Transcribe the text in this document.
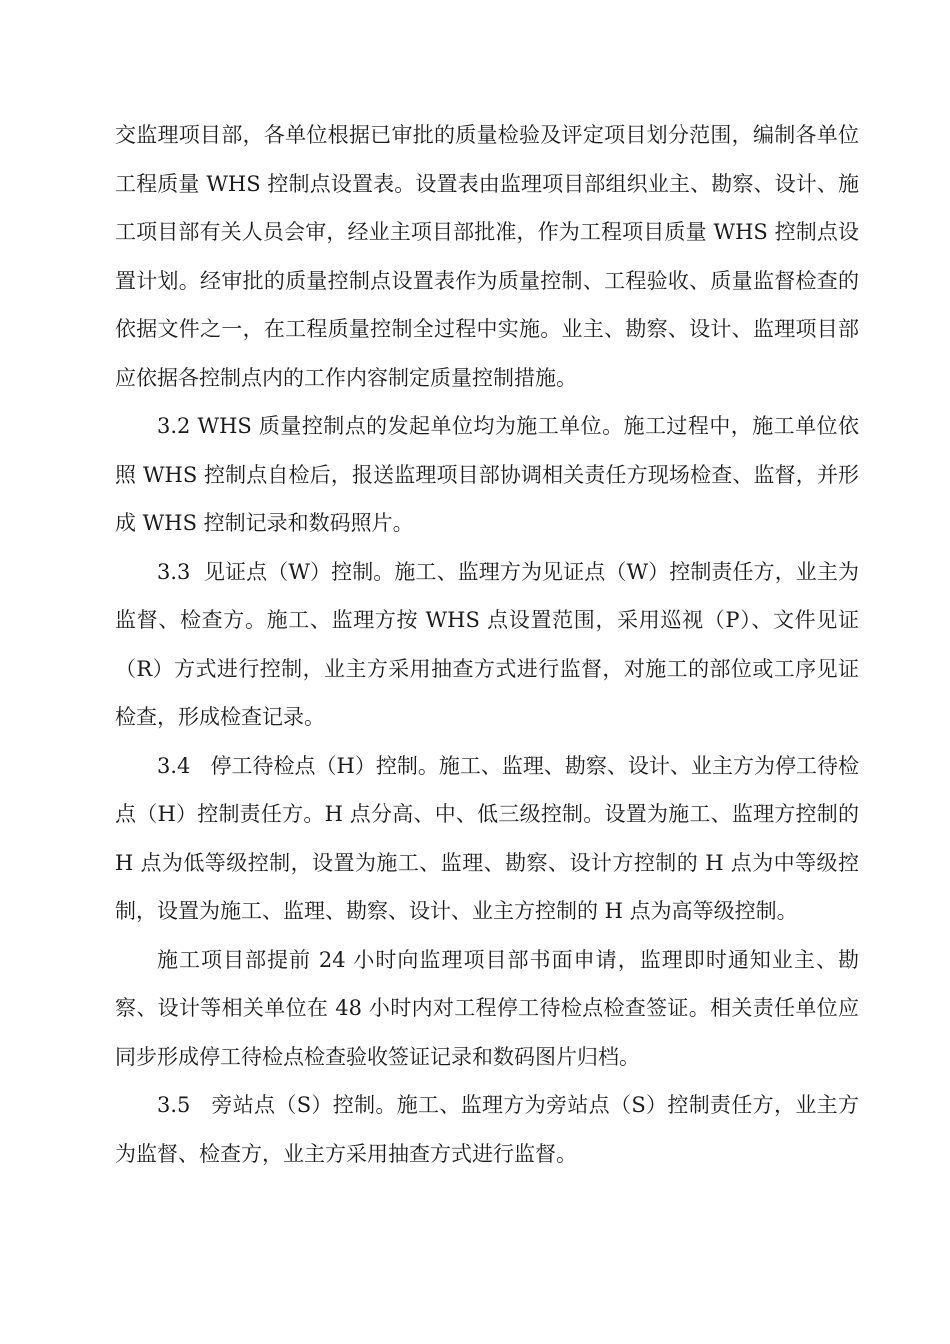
交监理项目部，各单位根据已审批的质量检验及评定项目划分范围，编制各单位工程质量 WHS 控制点设置表。设置表由监理项目部组织业主、勘察、设计、施工项目部有关人员会审，经业主项目部批准，作为工程项目质量 WHS 控制点设置计划。经审批的质量控制点设置表作为质量控制、工程验收、质量监督检查的依据文件之一，在工程质量控制全过程中实施。业主、勘察、设计、监理项目部应依据各控制点内的工作内容制定质量控制措施。

3.2 WHS 质量控制点的发起单位均为施工单位。施工过程中，施工单位依照 WHS 控制点自检后，报送监理项目部协调相关责任方现场检查、监督，并形成 WHS 控制记录和数码照片。

3.3  见证点（W）控制。施工、监理方为见证点（W）控制责任方，业主为监督、检查方。施工、监理方按 WHS 点设置范围，采用巡视（P）、文件见证（R）方式进行控制，业主方采用抽查方式进行监督，对施工的部位或工序见证检查，形成检查记录。

3.4   停工待检点（H）控制。施工、监理、勘察、设计、业主方为停工待检点（H）控制责任方。H 点分高、中、低三级控制。设置为施工、监理方控制的 H 点为低等级控制，设置为施工、监理、勘察、设计方控制的 H 点为中等级控制，设置为施工、监理、勘察、设计、业主方控制的 H 点为高等级控制。

施工项目部提前 24 小时向监理项目部书面申请，监理即时通知业主、勘察、设计等相关单位在 48 小时内对工程停工待检点检查签证。相关责任单位应同步形成停工待检点检查验收签证记录和数码图片归档。

3.5   旁站点（S）控制。施工、监理方为旁站点（S）控制责任方，业主方为监督、检查方，业主方采用抽查方式进行监督。
